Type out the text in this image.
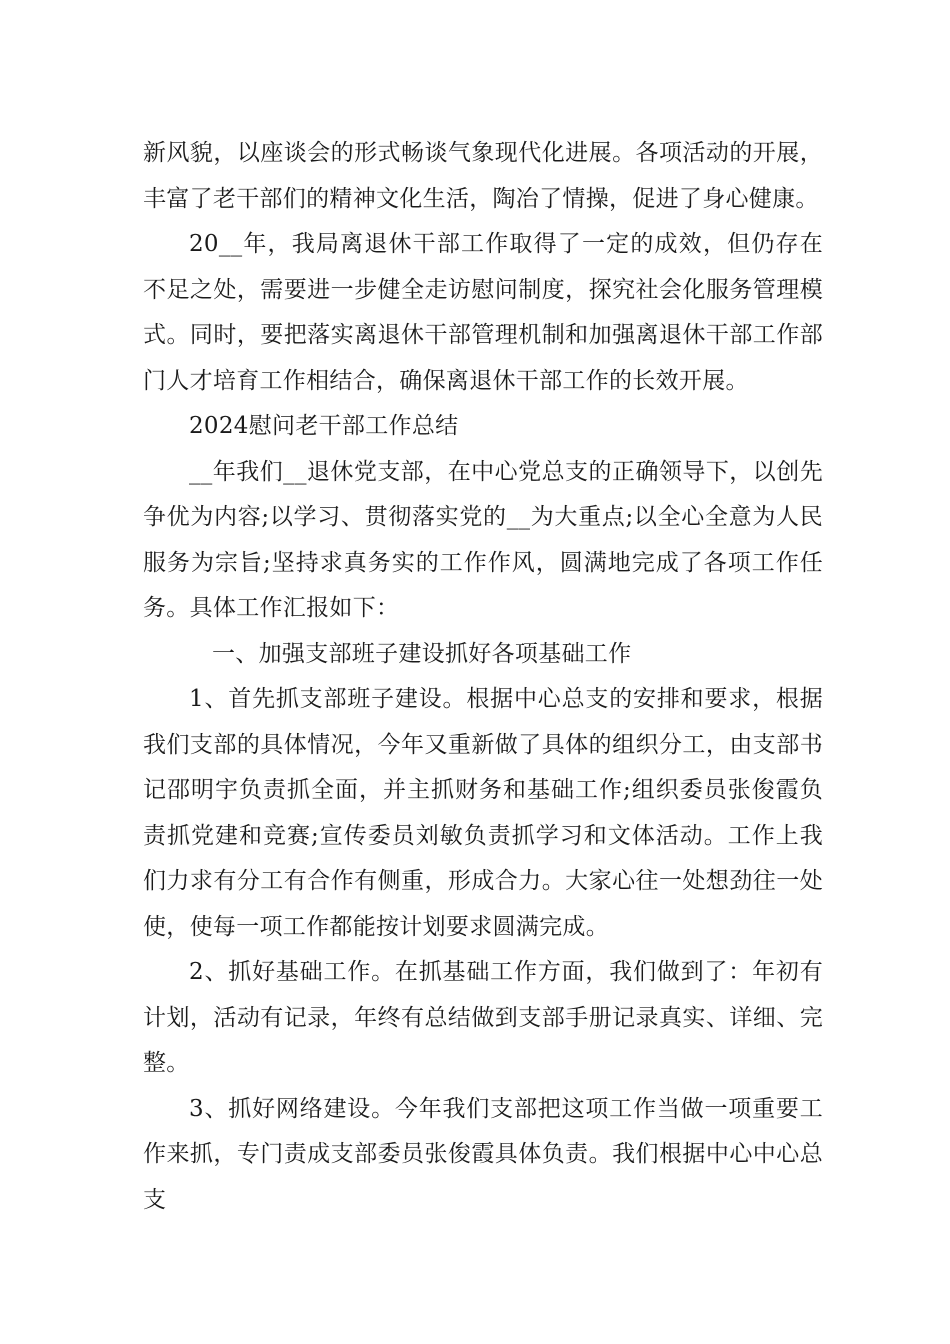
新风貌，以座谈会的形式畅谈气象现代化进展。各项活动的开展，丰富了老干部们的精神文化生活，陶冶了情操，促进了身心健康。

20__年，我局离退休干部工作取得了一定的成效，但仍存在不足之处，需要进一步健全走访慰问制度，探究社会化服务管理模式。同时，要把落实离退休干部管理机制和加强离退休干部工作部门人才培育工作相结合，确保离退休干部工作的长效开展。

2024慰问老干部工作总结

__年我们__退休党支部，在中心党总支的正确领导下，以创先争优为内容;以学习、贯彻落实党的__为大重点;以全心全意为人民服务为宗旨;坚持求真务实的工作作风，圆满地完成了各项工作任务。具体工作汇报如下：

一、加强支部班子建设抓好各项基础工作

1、首先抓支部班子建设。根据中心总支的安排和要求，根据我们支部的具体情况，今年又重新做了具体的组织分工，由支部书记邵明宇负责抓全面，并主抓财务和基础工作;组织委员张俊霞负责抓党建和竞赛;宣传委员刘敏负责抓学习和文体活动。工作上我们力求有分工有合作有侧重，形成合力。大家心往一处想劲往一处使，使每一项工作都能按计划要求圆满完成。

2、抓好基础工作。在抓基础工作方面，我们做到了：年初有计划，活动有记录，年终有总结做到支部手册记录真实、详细、完整。

3、抓好网络建设。今年我们支部把这项工作当做一项重要工作来抓，专门责成支部委员张俊霞具体负责。我们根据中心中心总支
